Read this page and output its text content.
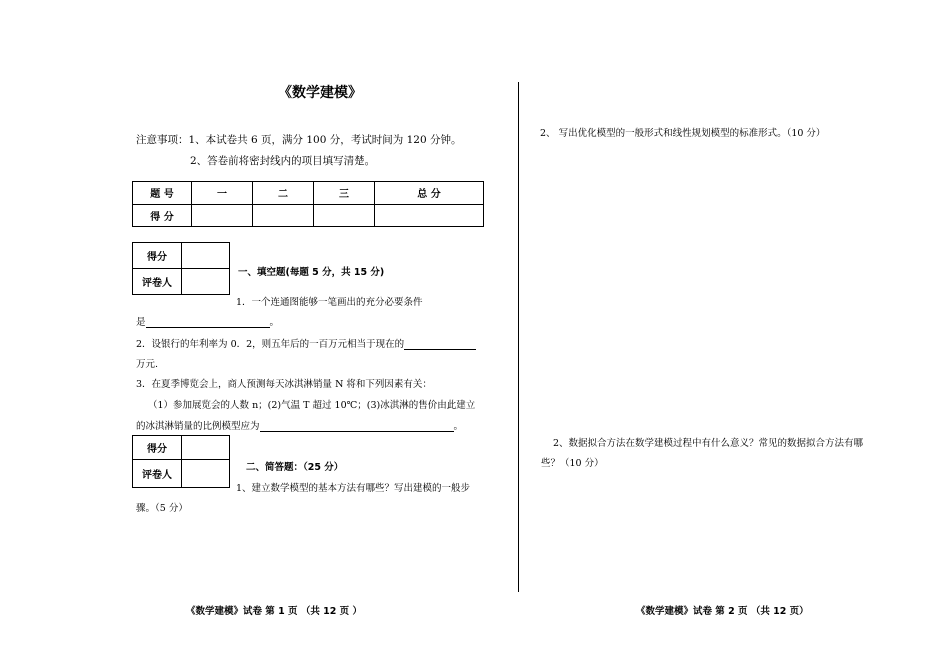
《数学建模》
注意事项：1、本试卷共 6 页，满分 100 分，考试时间为 120 分钟。
2、答卷前将密封线内的项目填写清楚。
题 号	一	二	三	总 分
得 分				
得分	
评卷人	
一、填空题(每题 5 分，共 15 分)
1．一个连通图能够一笔画出的充分必要条件
是	。
2．设银行的年利率为 0．2，则五年后的一百万元相当于现在的
万元.
3．在夏季博览会上，商人预测每天冰淇淋销量 N 将和下列因素有关：
（1）参加展览会的人数 n；(2)气温 T 超过 10℃；(3)冰淇淋的售价由此建立
的冰淇淋销量的比例模型应为	。
得分	
评卷人	
二、简答题：（25 分）
1、建立数学模型的基本方法有哪些？写出建模的一般步
骤。（5 分）
《数学建模》试卷 第 1 页 （共 12 页 ）
2、 写出优化模型的一般形式和线性规划模型的标准形式。（10 分）
2、数据拟合方法在数学建模过程中有什么意义？常见的数据拟合方法有哪
些？（10 分）
《数学建模》试卷 第 2 页 （共 12 页）
